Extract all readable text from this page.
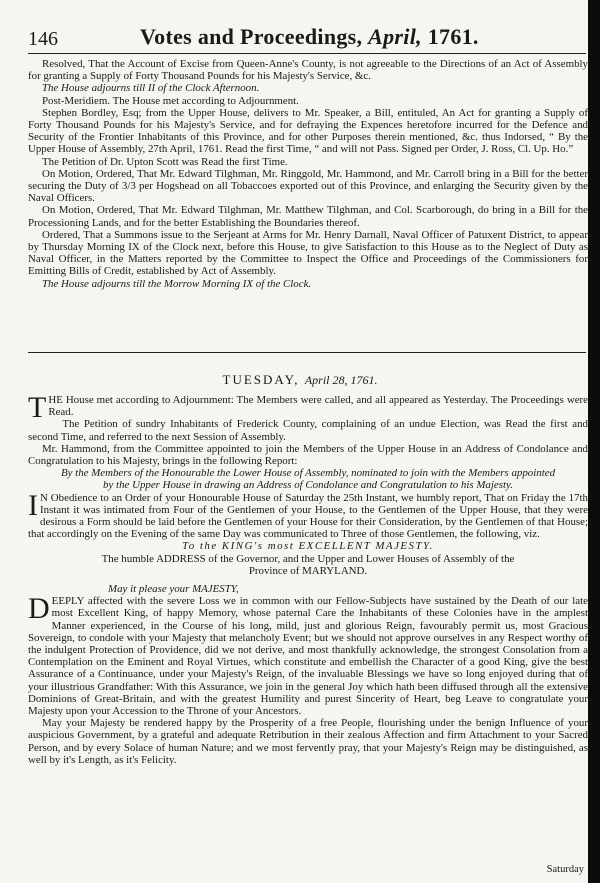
146	Votes and Proceedings, April, 1761.

Resolved, That the Account of Excise from Queen-Anne's County, is not agreeable to the Directions of an Act of Assembly for granting a Supply of Forty Thousand Pounds for his Majesty's Service, &c.

The House adjourns till II of the Clock Afternoon.

Post-Meridiem. The House met according to Adjournment.

Stephen Bordley, Esq; from the Upper House, delivers to Mr. Speaker, a Bill, entituled, An Act for granting a Supply of Forty Thousand Pounds for his Majesty's Service, and for defraying the Expences heretofore incurred for the Defence and Security of the Frontier Inhabitants of this Province, and for other Purposes therein mentioned, &c. thus Indorsed, “ By the Upper House of Assembly, 27th April, 1761. Read the first Time, “ and will not Pass. Signed per Order, J. Ross, Cl. Up. Ho.”

The Petition of Dr. Upton Scott was Read the first Time.

On Motion, Ordered, That Mr. Edward Tilghman, Mr. Ringgold, Mr. Hammond, and Mr. Carroll bring in a Bill for the better securing the Duty of 3/3 per Hogshead on all Tobaccoes exported out of this Province, and enlarging the Security given by the Naval Officers.

On Motion, Ordered, That Mr. Edward Tilghman, Mr. Matthew Tilghman, and Col. Scarborough, do bring in a Bill for the Processioning Lands, and for the better Establishing the Boundaries thereof.

Ordered, That a Summons issue to the Serjeant at Arms for Mr. Henry Darnall, Naval Officer of Patuxent District, to appear by Thursday Morning IX of the Clock next, before this House, to give Satisfaction to this House as to the Neglect of Duty as Naval Officer, in the Matters reported by the Committee to Inspect the Office and Proceedings of the Commissioners for Emitting Bills of Credit, established by Act of Assembly.

The House adjourns till the Morrow Morning IX of the Clock.

TUESDAY, April 28, 1761.

THE House met according to Adjournment: The Members were called, and all appeared as Yesterday. The Proceedings were Read.

The Petition of sundry Inhabitants of Frederick County, complaining of an undue Election, was Read the first and second Time, and referred to the next Session of Assembly.

Mr. Hammond, from the Committee appointed to join the Members of the Upper House in an Address of Condolance and Congratulation to his Majesty, brings in the following Report:

By the Members of the Honourable the Lower House of Assembly, nominated to join with the Members appointed

by the Upper House in drawing an Address of Condolance and Congratulation to his Majesty.

I N Obedience to an Order of your Honourable House of Saturday the 25th Instant, we humbly report, That on Friday the 17th Instant it was intimated from Four of the Gentlemen of your House, to the Gentlemen of the Upper House, that they were desirous a Form should be laid before the Gentlemen of your House for their Consideration, by the Gentlemen of that House; that accordingly on the Evening of the same Day was communicated to Three of those Gentlemen, the following, viz.

To the KING's most EXCELLENT MAJESTY.

The humble ADDRESS of the Governor, and the Upper and Lower Houses of Assembly of the

Province of MARYLAND.

May it please your MAJESTY,

DEEPLY affected with the severe Loss we in common with our Fellow-Subjects have sustained by the Death of our late most Excellent King, of happy Memory, whose paternal Care the Inhabitants of these Colonies have in the amplest Manner experienced, in the Course of his long, mild, just and glorious Reign, favourably permit us, most Gracious Sovereign, to condole with your Majesty that melancholy Event; but we should not approve ourselves in any Respect worthy of the indulgent Protection of Providence, did we not derive, and most thankfully acknowledge, the strongest Consolation from a Contemplation on the Eminent and Royal Virtues, which constitute and embellish the Character of a good King, give the best Assurance of a Continuance, under your Majesty's Reign, of the invaluable Blessings we have so long enjoyed during that of your illustrious Grandfather: With this Assurance, we join in the general Joy which hath been diffused through all the extensive Dominions of Great-Britain, and with the greatest Humility and purest Sincerity of Heart, beg Leave to congratulate your Majesty upon your Accession to the Throne of your Ancestors.

May your Majesty be rendered happy by the Prosperity of a free People, flourishing under the benign Influence of your auspicious Government, by a grateful and adequate Retribution in their zealous Affection and firm Attachment to your Sacred Person, and by every Solace of human Nature; and we most fervently pray, that your Majesty's Reign may be distinguished, as well by it's Length, as it's Felicity.

Saturday
